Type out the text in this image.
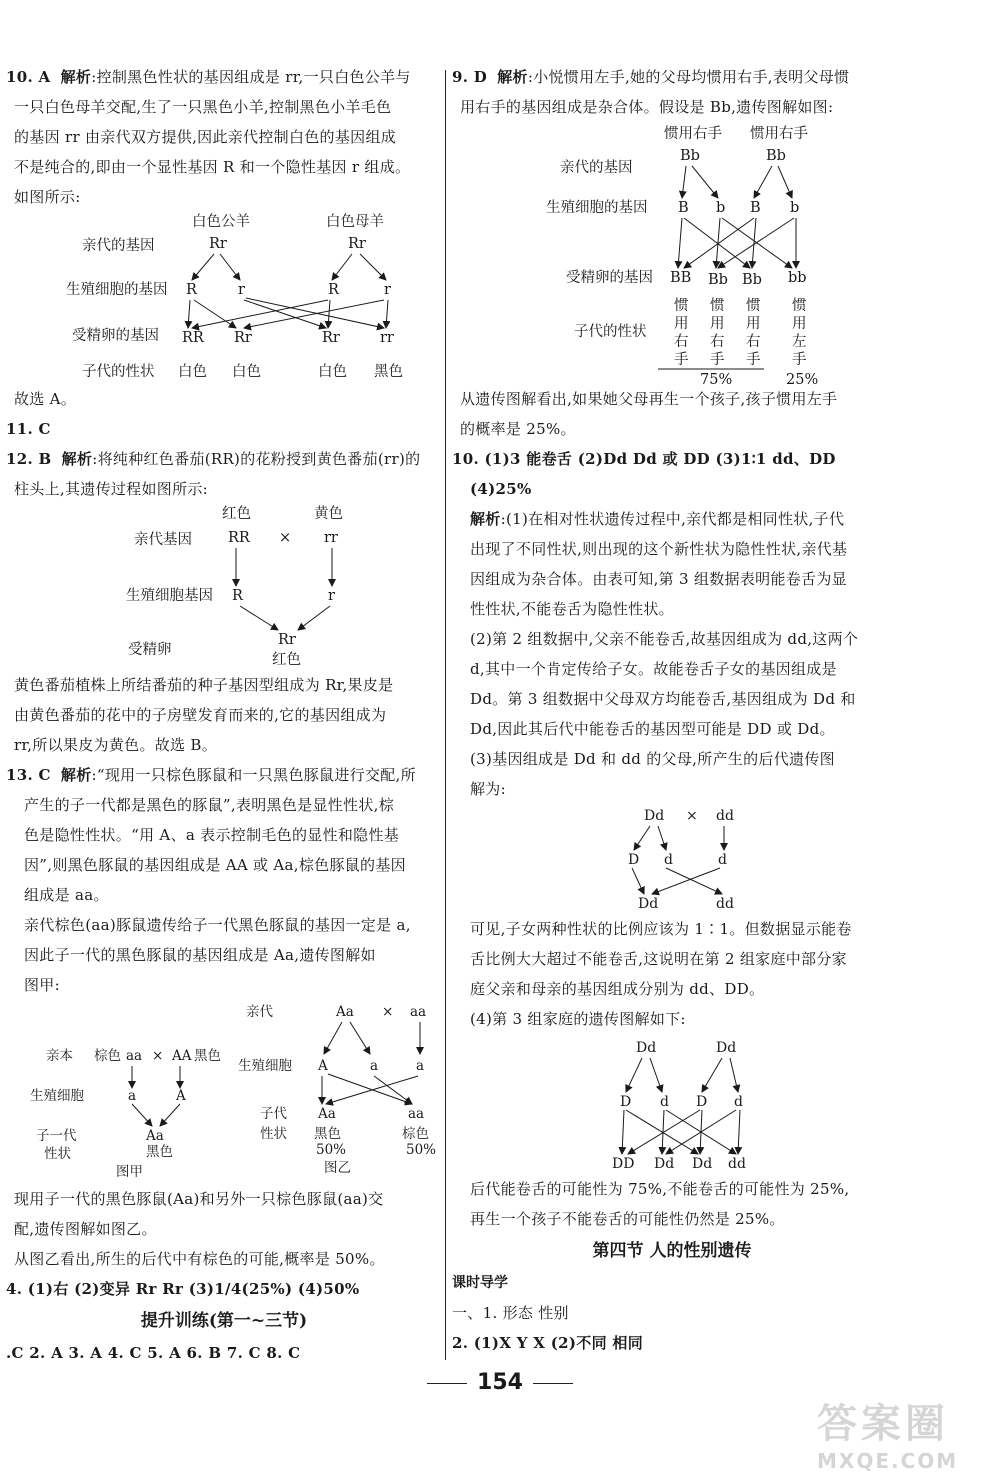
10. A 解析:控制黑色性状的基因组成是 rr,一只白色公羊与

一只白色母羊交配,生了一只黑色小羊,控制黑色小羊毛色

的基因 rr 由亲代双方提供,因此亲代控制白色的基因组成

不是纯合的,即由一个显性基因 R 和一个隐性基因 r 组成。

如图所示:

白色公羊	白色母羊
亲代的基因	Rr	Rr
生殖细胞的基因 R	r	R	r
受精卵的基因 RR Rr	Rr	rr
子代的性状 白色 白色	白色 黑色

故选 A。

11. C

12. B 解析:将纯种红色番茄(RR)的花粉授到黄色番茄(rr)的

柱头上,其遗传过程如图所示:

红色	黄色
亲代基因 RR × rr
生殖细胞基因 R	r
受精卵
Rr
红色

黄色番茄植株上所结番茄的种子基因型组成为 Rr,果皮是

由黄色番茄的花中的子房壁发育而来的,它的基因组成为

rr,所以果皮为黄色。故选 B。

13. C 解析:“现用一只棕色豚鼠和一只黑色豚鼠进行交配,所

产生的子一代都是黑色的豚鼠”,表明黑色是显性性状,棕

色是隐性性状。“用 A、a 表示控制毛色的显性和隐性基

因”,则黑色豚鼠的基因组成是 AA 或 Aa,棕色豚鼠的基因

组成是 aa。

亲代棕色(aa)豚鼠遗传给子一代黑色豚鼠的基因一定是 a,

因此子一代的黑色豚鼠的基因组成是 Aa,遗传图解如

图甲:

亲本 棕色 aa × AA 黑色
生殖细胞	a	A
子一代
性状
Aa
黑色
图甲
亲代	Aa × aa
生殖细胞 A	a	a
子代
性状
Aa
黑色
50%
aa
棕色
50%
图乙

现用子一代的黑色豚鼠(Aa)和另外一只棕色豚鼠(aa)交

配,遗传图解如图乙。

从图乙看出,所生的后代中有棕色的可能,概率是 50%。

4. (1)右 (2)变异 Rr Rr (3)1/4(25%) (4)50%

提升训练(第一~三节)

.C 2. A 3. A 4. C 5. A 6. B 7. C 8. C

9. D 解析:小悦惯用左手,她的父母均惯用右手,表明父母惯

用右手的基因组成是杂合体。假设是 Bb,遗传图解如图:

惯用右手 惯用右手
亲代的基因
Bb	Bb
生殖细胞的基因 B b B b
受精卵的基因 BB Bb Bb bb
子代的性状
惯
用
右
手
惯
用
右
手
惯
用
右
手
惯
用
左
手
75%	25%

从遗传图解看出,如果她父母再生一个孩子,孩子惯用左手

的概率是 25%。

10. (1)3 能卷舌 (2)Dd Dd 或 DD (3)1∶1 dd、DD

(4)25%

解析:(1)在相对性状遗传过程中,亲代都是相同性状,子代

出现了不同性状,则出现的这个新性状为隐性性状,亲代基

因组成为杂合体。由表可知,第 3 组数据表明能卷舌为显

性性状,不能卷舌为隐性性状。

(2)第 2 组数据中,父亲不能卷舌,故基因组成为 dd,这两个

d,其中一个肯定传给子女。故能卷舌子女的基因组成是

Dd。第 3 组数据中父母双方均能卷舌,基因组成为 Dd 和

Dd,因此其后代中能卷舌的基因型可能是 DD 或 Dd。

(3)基因组成是 Dd 和 dd 的父母,所产生的后代遗传图

解为:

Dd × dd
D d	d
Dd	dd

可见,子女两种性状的比例应该为 1∶1。但数据显示能卷

舌比例大大超过不能卷舌,这说明在第 2 组家庭中部分家

庭父亲和母亲的基因组成分别为 dd、DD。

(4)第 3 组家庭的遗传图解如下:

Dd	Dd
D d D d
DD Dd Dd dd

后代能卷舌的可能性为 75%,不能卷舌的可能性为 25%,

再生一个孩子不能卷舌的可能性仍然是 25%。

第四节 人的性别遗传

课时导学

一、1. 形态 性别

2. (1)X Y X (2)不同 相同

154
答案圈
MXQE.COM
